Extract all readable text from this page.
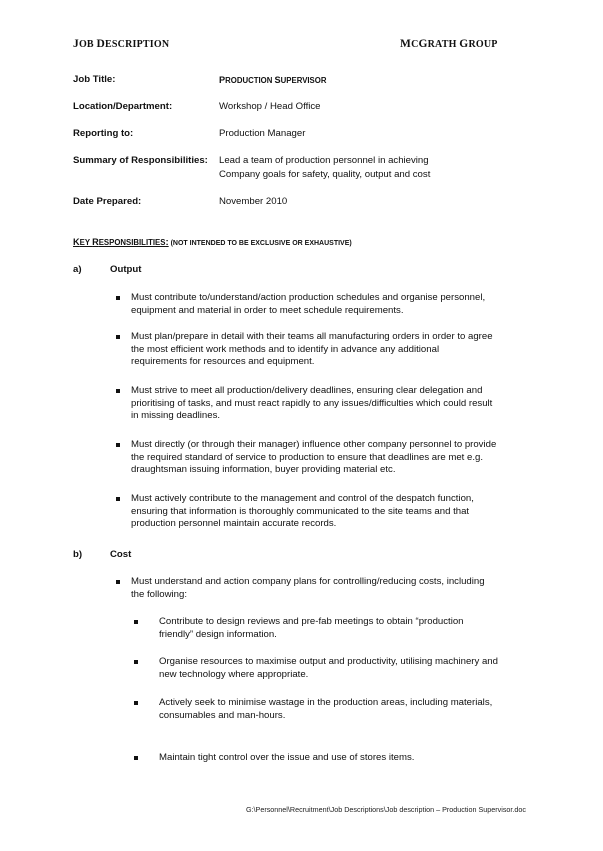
JOB DESCRIPTION	MCGRATH GROUP
Job Title:	PRODUCTION SUPERVISOR
Location/Department:	Workshop / Head Office
Reporting to:	Production Manager
Summary of Responsibilities: Lead a team of production personnel in achieving
Company goals for safety, quality, output and cost
Date Prepared:	November 2010
KEY RESPONSIBILITIES: (NOT INTENDED TO BE EXCLUSIVE OR EXHAUSTIVE)
a)	Output
Must contribute to/understand/action production schedules and organise personnel,
equipment and material in order to meet schedule requirements.
Must plan/prepare in detail with their teams all manufacturing orders in order to agree
the most efficient work methods and to identify in advance any additional
requirements for resources and equipment.
Must strive to meet all production/delivery deadlines, ensuring clear delegation and
prioritising of tasks, and must react rapidly to any issues/difficulties which could result
in missing deadlines.
Must directly (or through their manager) influence other company personnel to provide
the required standard of service to production to ensure that deadlines are met e.g.
draughtsman issuing information, buyer providing material etc.
Must actively contribute to the management and control of the despatch function,
ensuring that information is thoroughly communicated to the site teams and that
production personnel maintain accurate records.
b)	Cost
Must understand and action company plans for controlling/reducing costs, including
the following:
Contribute to design reviews and pre-fab meetings to obtain “production
friendly” design information.
Organise resources to maximise output and productivity, utilising machinery and
new technology where appropriate.
Actively seek to minimise wastage in the production areas, including materials,
consumables and man-hours.
Maintain tight control over the issue and use of stores items.
G:\Personnel\Recruitment\Job Descriptions\Job description – Production Supervisor.doc
